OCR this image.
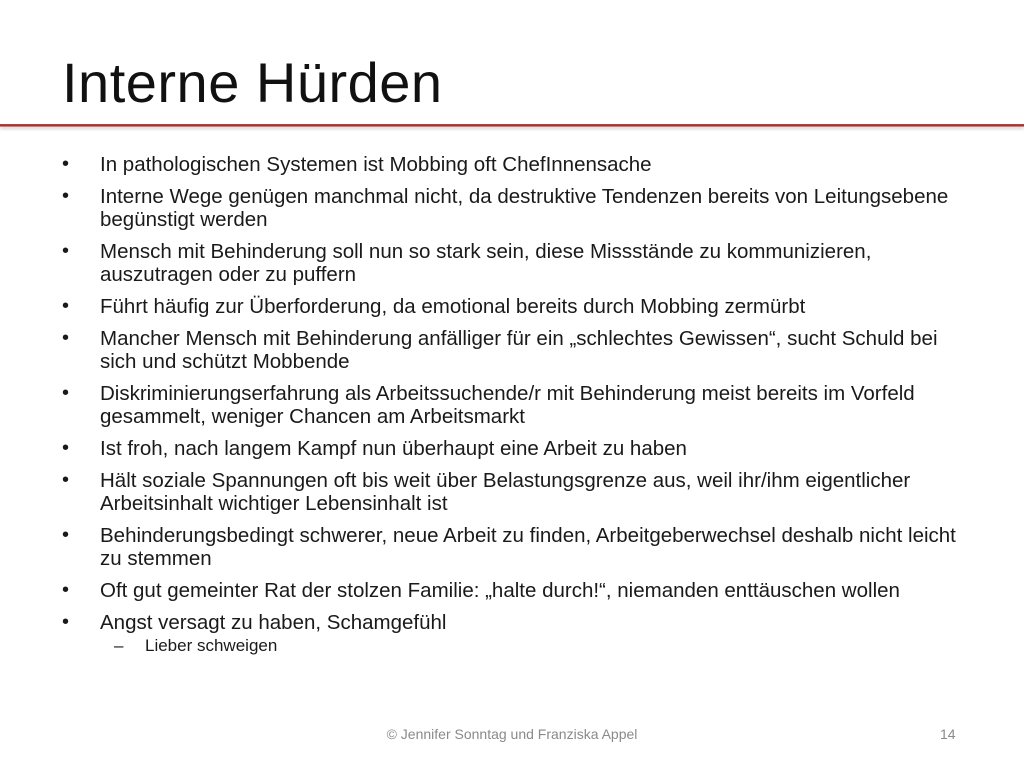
Interne Hürden
• In pathologischen Systemen ist Mobbing oft ChefInnensache
• Interne Wege genügen manchmal nicht, da destruktive Tendenzen bereits von Leitungsebene begünstigt werden
• Mensch mit Behinderung soll nun so stark sein, diese Missstände zu kommunizieren, auszutragen oder zu puffern
• Führt häufig zur Überforderung, da emotional bereits durch Mobbing zermürbt
• Mancher Mensch mit Behinderung anfälliger für ein „schlechtes Gewissen“, sucht Schuld bei sich und schützt Mobbende
• Diskriminierungserfahrung als Arbeitssuchende/r mit Behinderung meist bereits im Vorfeld gesammelt, weniger Chancen am Arbeitsmarkt
• Ist froh, nach langem Kampf nun überhaupt eine Arbeit zu haben
• Hält soziale Spannungen oft bis weit über Belastungsgrenze aus, weil ihr/ihm eigentlicher Arbeitsinhalt wichtiger Lebensinhalt ist
• Behinderungsbedingt schwerer, neue Arbeit zu finden, Arbeitgeberwechsel deshalb nicht leicht zu stemmen
• Oft gut gemeinter Rat der stolzen Familie: „halte durch!“, niemanden enttäuschen wollen
• Angst versagt zu haben, Schamgefühl
– Lieber schweigen
© Jennifer Sonntag und Franziska Appel	14
